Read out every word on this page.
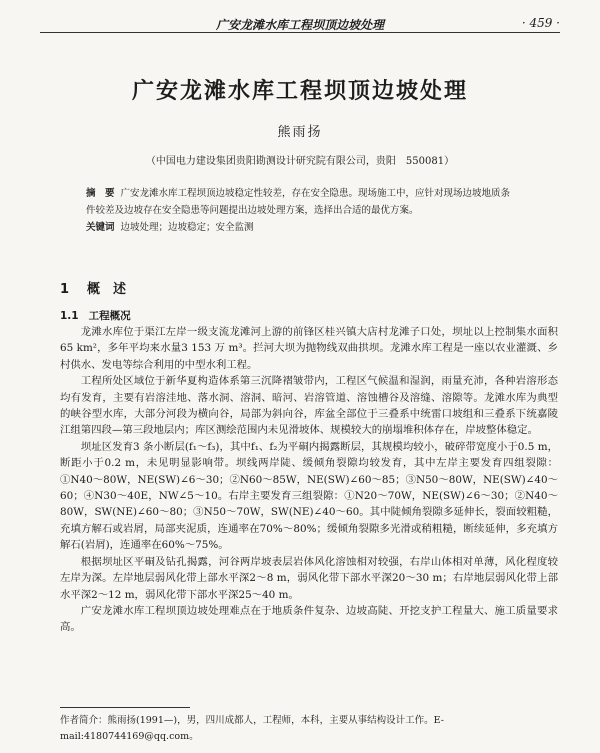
广安龙滩水库工程坝顶边坡处理	· 459 ·
广安龙滩水库工程坝顶边坡处理
熊雨扬
（中国电力建设集团贵阳勘测设计研究院有限公司，贵阳　550081）

摘　要 广安龙滩水库工程坝顶边坡稳定性较差，存在安全隐患。现场施工中，应针对现场边坡地质条件较差及边坡存在安全隐患等问题提出边坡处理方案，选择出合适的最优方案。

关键词 边坡处理；边坡稳定；安全监测

1 概　述
1.1 工程概况

龙滩水库位于渠江左岸一级支流龙滩河上游的前锋区桂兴镇大店村龙滩子口处，坝址以上控制集水面积65 km²，多年平均来水量3 153 万 m³。拦河大坝为抛物线双曲拱坝。龙滩水库工程是一座以农业灌溉、乡村供水、发电等综合利用的中型水利工程。

工程所处区域位于新华夏构造体系第三沉降褶皱带内，工程区气候温和湿润，雨量充沛，各种岩溶形态均有发育，主要有岩溶洼地、落水洞、溶洞、暗河、岩溶管道、溶蚀槽谷及溶缝、溶隙等。龙滩水库为典型的峡谷型水库，大部分河段为横向谷，局部为斜向谷，库盆全部位于三叠系中统雷口坡组和三叠系下统嘉陵江组第四段—第三段地层内；库区测绘范围内未见滑坡体、规模较大的崩塌堆积体存在，岸坡整体稳定。

坝址区发育3 条小断层(f₁～f₃)，其中f₁、f₂为平硐内揭露断层，其规模均较小，破碎带宽度小于0.5 m，断距小于0.2 m，未见明显影响带。坝线两岸陡、缓倾角裂隙均较发育，其中左岸主要发育四组裂隙：①N40～80W，NE(SW)∠6～30；②N60～85W，NE(SW)∠60～85；③N50～80W，NE(SW)∠40～60；④N30～40E，NW∠5～10。右岸主要发育三组裂隙：①N20～70W，NE(SW)∠6～30；②N40～80W，SW(NE)∠60～80；③N50～70W，SW(NE)∠40～60。其中陡倾角裂隙多延伸长，裂面较粗糙，充填方解石或岩屑，局部夹泥质，连通率在70%～80%；缓倾角裂隙多光滑或稍粗糙，断续延伸，多充填方解石(岩屑)，连通率在60%～75%。

根据坝址区平硐及钻孔揭露，河谷两岸坡表层岩体风化溶蚀相对较强，右岸山体相对单薄，风化程度较左岸为深。左岸地层弱风化带上部水平深2～8 m，弱风化带下部水平深20～30 m；右岸地层弱风化带上部水平深2～12 m，弱风化带下部水平深25～40 m。

广安龙滩水库工程坝顶边坡处理难点在于地质条件复杂、边坡高陡、开挖支护工程量大、施工质量要求高。

作者简介：熊雨扬(1991—)，男，四川成都人，工程师，本科，主要从事结构设计工作。E-mail:4180744169@qq.com。
